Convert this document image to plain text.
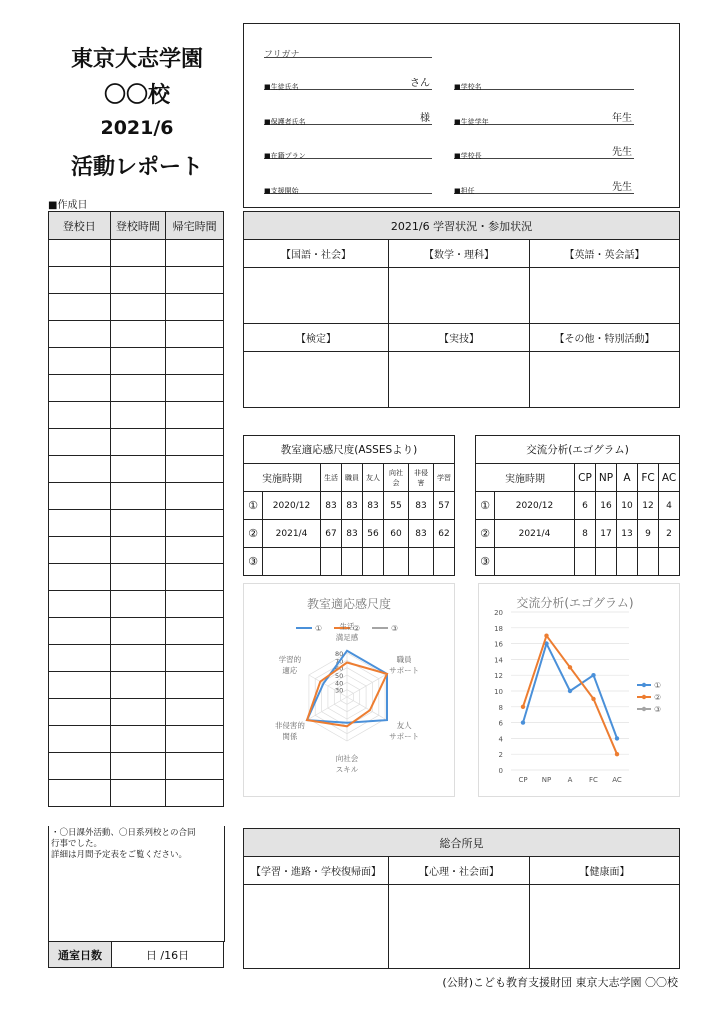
東京大志学園
〇〇校
2021/6
活動レポート
■作成日
フリガナ
■生徒氏名	さん	■学校名
■保護者氏名	様	■生徒学年	年生
■在籍プラン	■学校長	先生
■支援開始	■担任	先生
登校日	登校時間	帰宅時間

・〇日課外活動、〇日系列校との合同
行事でした。
詳細は月間予定表をご覧ください。
通室日数	日 /16日
2021/6 学習状況・参加状況		
【国語・社会】	【数学・理科】	【英語・英会話】

【検定】	【実技】	【その他・特別活動】

教室適応感尺度(ASSESより)							
実施時期		生活	職員	友人	向社会	非侵害	学習
①	2020/12	83	83	83	55	83	57
②	2021/4	67	83	56	60	83	62
③							
交流分析(エゴグラム)						
実施時期		CP	NP	A	FC	AC
①	2020/12	6	16	10	12	4
②	2021/4	8	17	13	9	2
③						
教室適応感尺度
①	②	③
80
70
60
50
40
30
生活
満足感
職員
サポート
友人
サポート
向社会
スキル
非侵害的
関係
学習的
適応
交流分析(エゴグラム)
0
2
4
6
8
10
12
14
16
18
20
CP NP A FC AC
①
②
③
総合所見		
【学習・進路・学校復帰面】	【心理・社会面】	【健康面】

(公財)こども教育支援財団 東京大志学園 〇〇校
